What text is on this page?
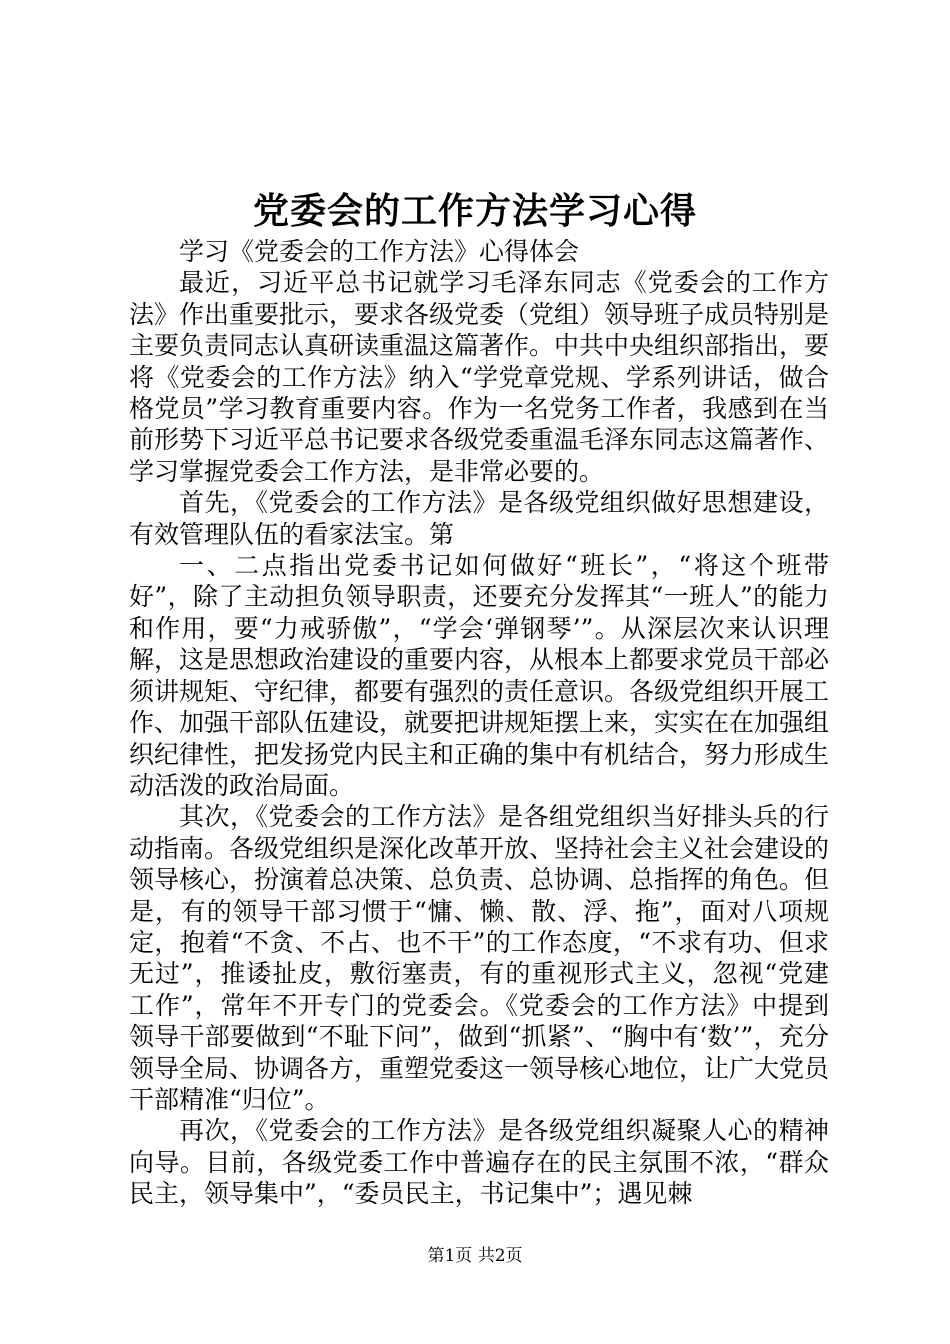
党委会的工作方法学习心得

学习《党委会的工作方法》心得体会

最近，习近平总书记就学习毛泽东同志《党委会的工作方法》作出重要批示，要求各级党委（党组）领导班子成员特别是主要负责同志认真研读重温这篇著作。中共中央组织部指出，要将《党委会的工作方法》纳入“学党章党规、学系列讲话，做合格党员”学习教育重要内容。作为一名党务工作者，我感到在当前形势下习近平总书记要求各级党委重温毛泽东同志这篇著作、学习掌握党委会工作方法，是非常必要的。

首先，《党委会的工作方法》是各级党组织做好思想建设，有效管理队伍的看家法宝。第

一、二点指出党委书记如何做好“班长”，“将这个班带好”，除了主动担负领导职责，还要充分发挥其“一班人”的能力和作用，要“力戒骄傲”，“学会‘弹钢琴’”。从深层次来认识理解，这是思想政治建设的重要内容，从根本上都要求党员干部必须讲规矩、守纪律，都要有强烈的责任意识。各级党组织开展工作、加强干部队伍建设，就要把讲规矩摆上来，实实在在加强组织纪律性，把发扬党内民主和正确的集中有机结合，努力形成生动活泼的政治局面。

其次，《党委会的工作方法》是各组党组织当好排头兵的行动指南。各级党组织是深化改革开放、坚持社会主义社会建设的领导核心，扮演着总决策、总负责、总协调、总指挥的角色。但是，有的领导干部习惯于“慵、懒、散、浮、拖”，面对八项规定，抱着“不贪、不占、也不干”的工作态度，“不求有功、但求无过”，推诿扯皮，敷衍塞责，有的重视形式主义，忽视“党建工作”，常年不开专门的党委会。《党委会的工作方法》中提到领导干部要做到“不耻下问”，做到“抓紧”、“胸中有‘数’”，充分领导全局、协调各方，重塑党委这一领导核心地位，让广大党员干部精准“归位”。

再次，《党委会的工作方法》是各级党组织凝聚人心的精神向导。目前，各级党委工作中普遍存在的民主氛围不浓，“群众民主，领导集中”，“委员民主，书记集中”；遇见棘

第1页 共2页
